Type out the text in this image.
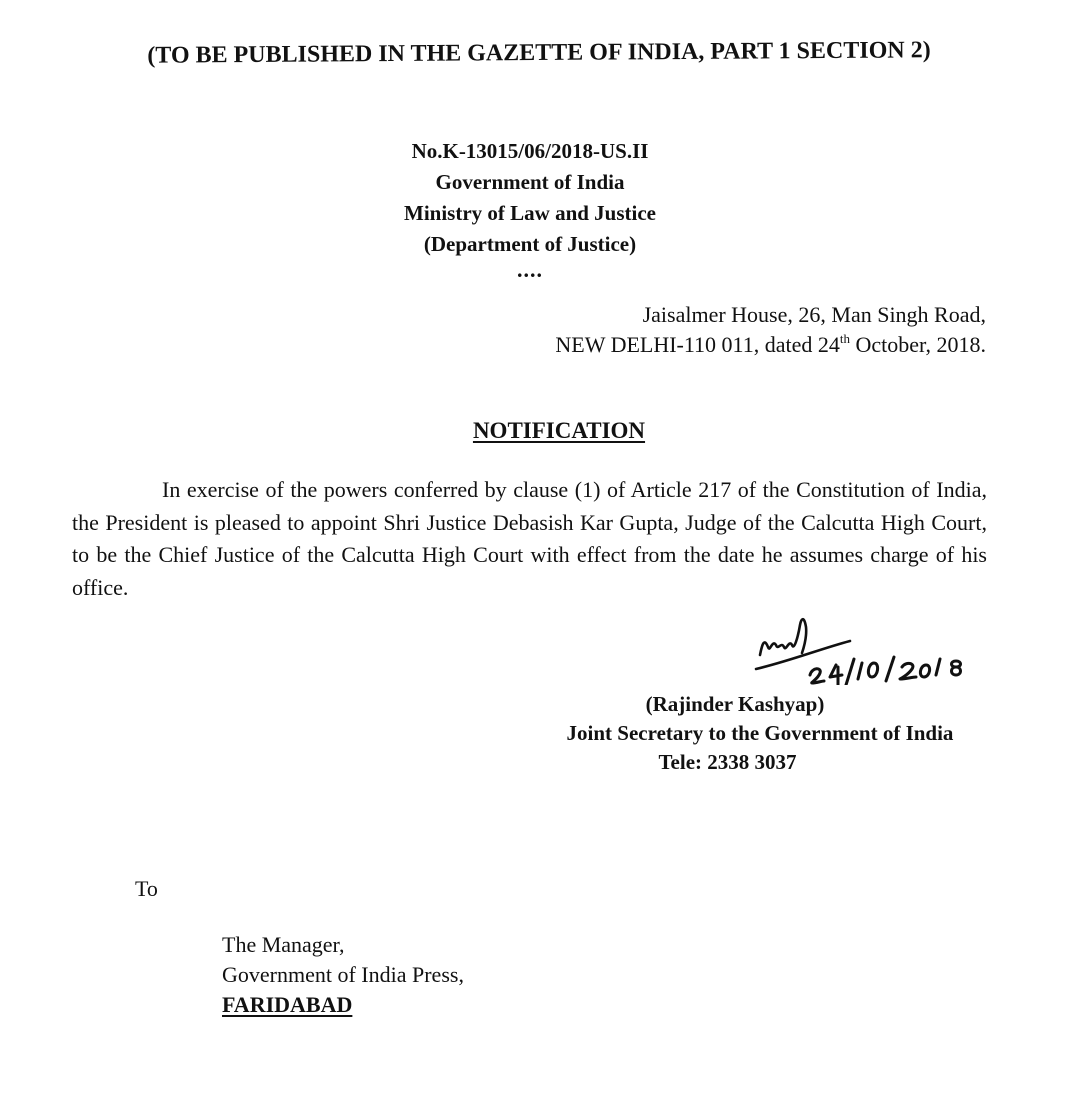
(TO BE PUBLISHED IN THE GAZETTE OF INDIA, PART 1 SECTION 2)
No.K-13015/06/2018-US.II
Government of India
Ministry of Law and Justice
(Department of Justice)
....
Jaisalmer House, 26, Man Singh Road,
NEW DELHI-110 011, dated 24th October, 2018.
NOTIFICATION
In exercise of the powers conferred by clause (1) of Article 217 of the Constitution of India, the President is pleased to appoint Shri Justice Debasish Kar Gupta, Judge of the Calcutta High Court, to be the Chief Justice of the Calcutta High Court with effect from the date he assumes charge of his office.
(Rajinder Kashyap)
Joint Secretary to the Government of India
Tele: 2338 3037
To
The Manager,
Government of India Press,
FARIDABAD
